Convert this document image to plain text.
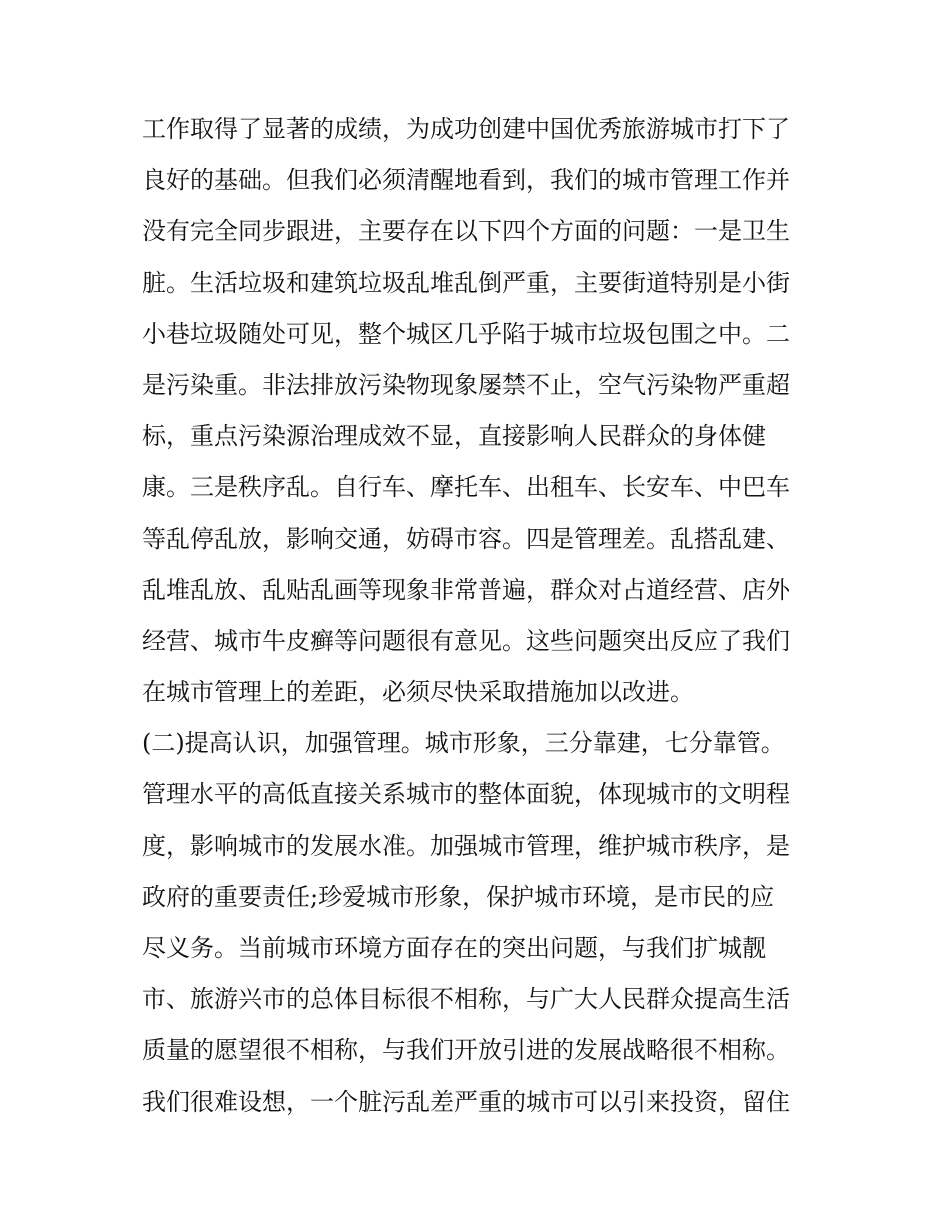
工作取得了显著的成绩，为成功创建中国优秀旅游城市打下了
良好的基础。但我们必须清醒地看到，我们的城市管理工作并
没有完全同步跟进，主要存在以下四个方面的问题：一是卫生
脏。生活垃圾和建筑垃圾乱堆乱倒严重，主要街道特别是小街
小巷垃圾随处可见，整个城区几乎陷于城市垃圾包围之中。二
是污染重。非法排放污染物现象屡禁不止，空气污染物严重超
标，重点污染源治理成效不显，直接影响人民群众的身体健
康。三是秩序乱。自行车、摩托车、出租车、长安车、中巴车
等乱停乱放，影响交通，妨碍市容。四是管理差。乱搭乱建、
乱堆乱放、乱贴乱画等现象非常普遍，群众对占道经营、店外
经营、城市牛皮癣等问题很有意见。这些问题突出反应了我们
在城市管理上的差距，必须尽快采取措施加以改进。
(二)提高认识，加强管理。城市形象，三分靠建，七分靠管。
管理水平的高低直接关系城市的整体面貌，体现城市的文明程
度，影响城市的发展水准。加强城市管理，维护城市秩序，是
政府的重要责任;珍爱城市形象，保护城市环境，是市民的应
尽义务。当前城市环境方面存在的突出问题，与我们扩城靓
市、旅游兴市的总体目标很不相称，与广大人民群众提高生活
质量的愿望很不相称，与我们开放引进的发展战略很不相称。
我们很难设想，一个脏污乱差严重的城市可以引来投资，留住
